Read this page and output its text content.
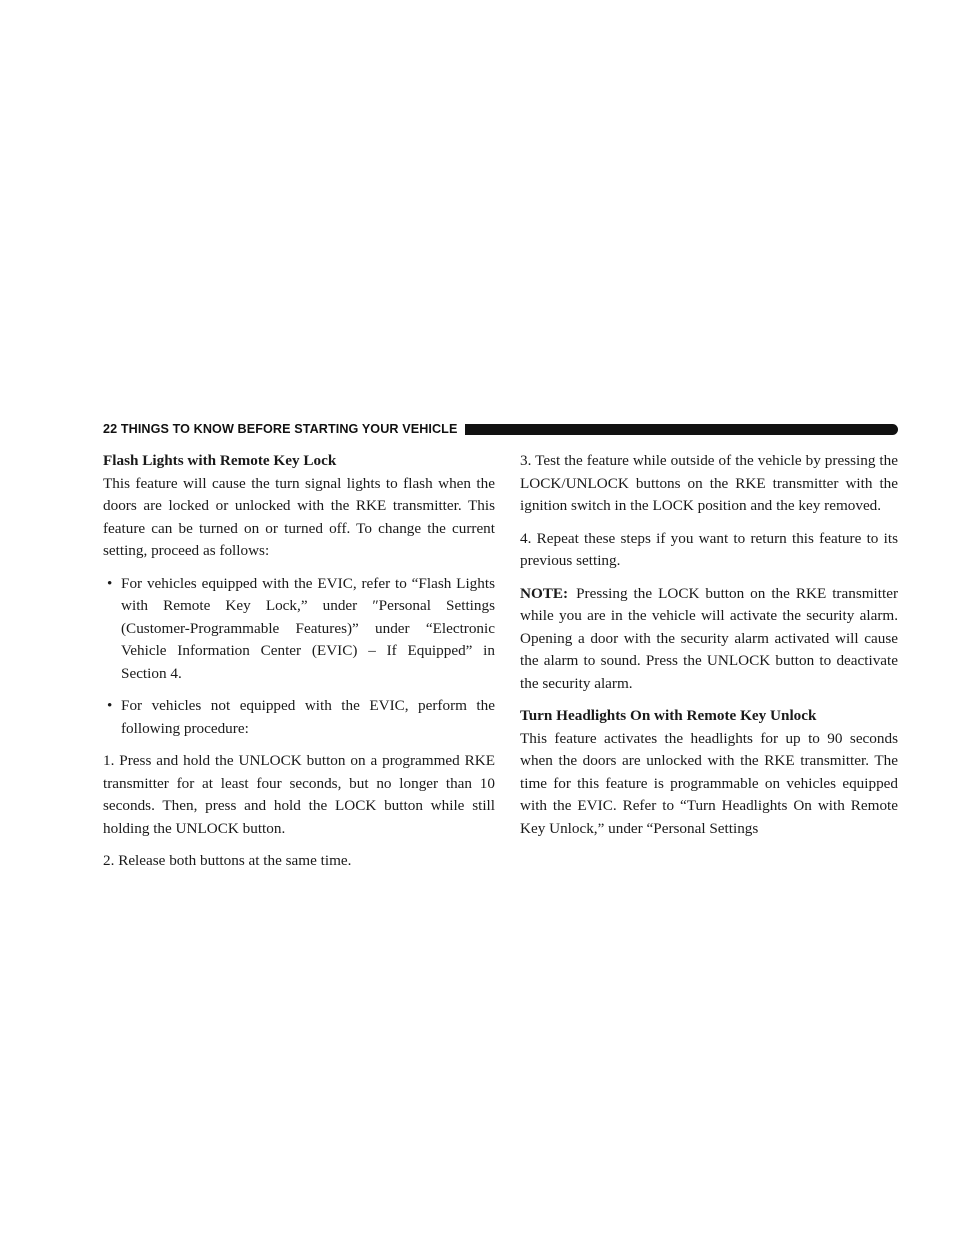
22 THINGS TO KNOW BEFORE STARTING YOUR VEHICLE

Flash Lights with Remote Key Lock

This feature will cause the turn signal lights to flash when the doors are locked or unlocked with the RKE transmitter. This feature can be turned on or turned off. To change the current setting, proceed as follows:

• For vehicles equipped with the EVIC, refer to “Flash Lights with Remote Key Lock,” under ″Personal Settings (Customer-Programmable Features)” under “Electronic Vehicle Information Center (EVIC) – If Equipped” in Section 4.
• For vehicles not equipped with the EVIC, perform the following procedure:

1. Press and hold the UNLOCK button on a programmed RKE transmitter for at least four seconds, but no longer than 10 seconds. Then, press and hold the LOCK button while still holding the UNLOCK button.

2. Release both buttons at the same time.

3. Test the feature while outside of the vehicle by pressing the LOCK/UNLOCK buttons on the RKE transmitter with the ignition switch in the LOCK position and the key removed.

4. Repeat these steps if you want to return this feature to its previous setting.

NOTE: Pressing the LOCK button on the RKE transmitter while you are in the vehicle will activate the security alarm. Opening a door with the security alarm activated will cause the alarm to sound. Press the UNLOCK button to deactivate the security alarm.

Turn Headlights On with Remote Key Unlock

This feature activates the headlights for up to 90 seconds when the doors are unlocked with the RKE transmitter. The time for this feature is programmable on vehicles equipped with the EVIC. Refer to “Turn Headlights On with Remote Key Unlock,” under “Personal Settings
